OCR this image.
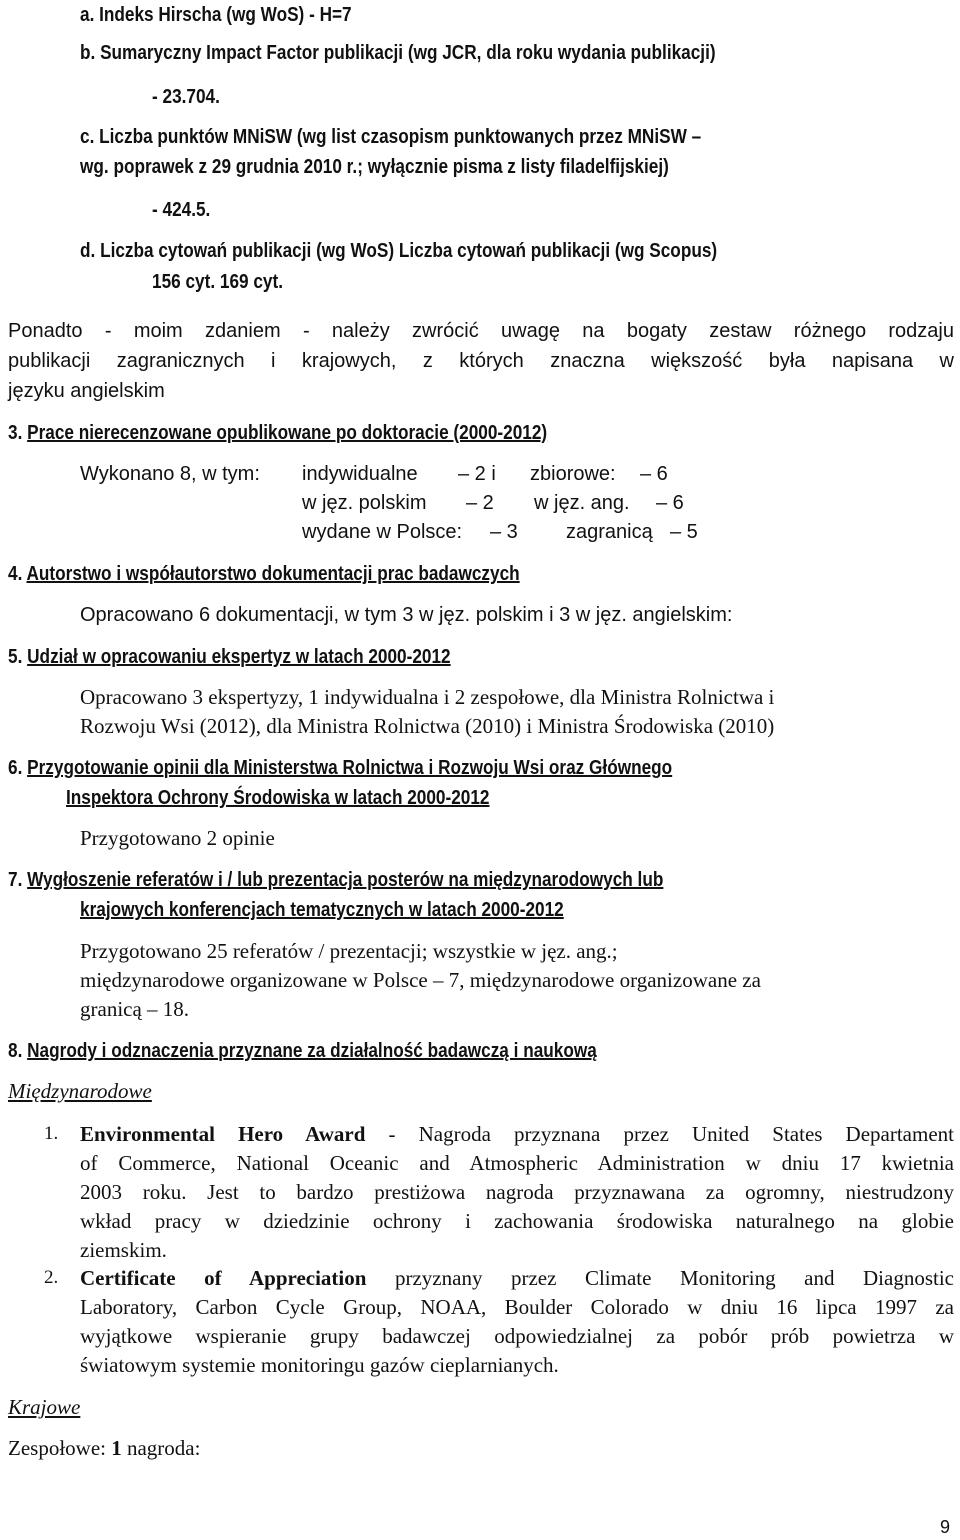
a. Indeks Hirscha (wg WoS) - H=7
b. Sumaryczny Impact Factor publikacji (wg JCR, dla roku wydania publikacji)
- 23.704.
c. Liczba punktów MNiSW (wg list czasopism punktowanych przez MNiSW –
wg. poprawek z 29 grudnia 2010 r.; wyłącznie pisma z listy filadelfijskiej)
- 424.5.
d. Liczba cytowań publikacji (wg WoS) Liczba cytowań publikacji (wg Scopus)
156 cyt. 169 cyt.
Ponadto - moim zdaniem - należy zwrócić uwagę na bogaty zestaw różnego rodzaju
publikacji zagranicznych i krajowych, z których znaczna większość była napisana w
języku angielskim
3. Prace nierecenzowane opublikowane po doktoracie (2000-2012)
Wykonano 8, w tym: indywidualne – 2 i zbiorowe: – 6
w jęz. polskim – 2 w jęz. ang. – 6
wydane w Polsce: – 3 zagranicą – 5
4. Autorstwo i współautorstwo dokumentacji prac badawczych
Opracowano 6 dokumentacji, w tym 3 w jęz. polskim i 3 w jęz. angielskim:
5. Udział w opracowaniu ekspertyz w latach 2000-2012
Opracowano 3 ekspertyzy, 1 indywidualna i 2 zespołowe, dla Ministra Rolnictwa i
Rozwoju Wsi (2012), dla Ministra Rolnictwa (2010) i Ministra Środowiska (2010)
6. Przygotowanie opinii dla Ministerstwa Rolnictwa i Rozwoju Wsi oraz Głównego
Inspektora Ochrony Środowiska w latach 2000-2012
Przygotowano 2 opinie
7. Wygłoszenie referatów i / lub prezentacja posterów na międzynarodowych lub
krajowych konferencjach tematycznych w latach 2000-2012
Przygotowano 25 referatów / prezentacji; wszystkie w jęz. ang.;
międzynarodowe organizowane w Polsce – 7, międzynarodowe organizowane za
granicą – 18.
8. Nagrody i odznaczenia przyznane za działalność badawczą i naukową
Międzynarodowe
1. Environmental Hero Award - Nagroda przyznana przez United States Departament
of Commerce, National Oceanic and Atmospheric Administration w dniu 17 kwietnia
2003 roku. Jest to bardzo prestiżowa nagroda przyznawana za ogromny, niestrudzony
wkład pracy w dziedzinie ochrony i zachowania środowiska naturalnego na globie
ziemskim.
2. Certificate of Appreciation przyznany przez Climate Monitoring and Diagnostic
Laboratory, Carbon Cycle Group, NOAA, Boulder Colorado w dniu 16 lipca 1997 za
wyjątkowe wspieranie grupy badawczej odpowiedzialnej za pobór prób powietrza w
światowym systemie monitoringu gazów cieplarnianych.
Krajowe
Zespołowe: 1 nagroda:
9
